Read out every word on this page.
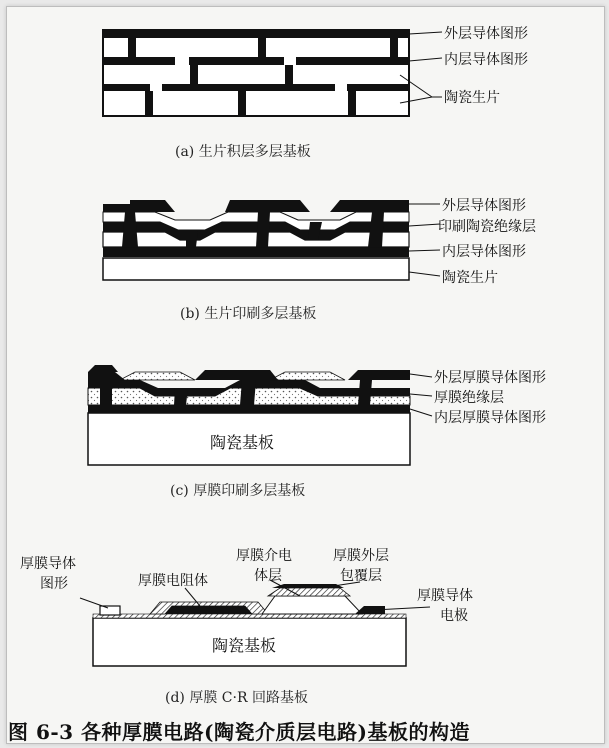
外层导体图形
内层导体图形
陶瓷生片
(a) 生片积层多层基板
外层导体图形
印刷陶瓷绝缘层
内层导体图形
陶瓷生片
(b) 生片印刷多层基板
陶瓷基板
外层厚膜导体图形
厚膜绝缘层
内层厚膜导体图形
(c) 厚膜印刷多层基板
陶瓷基板
厚膜导体
图形	厚膜电阻体
厚膜介电
体层
厚膜外层
包覆层
厚膜导体
电极
(d) 厚膜 C·R 回路基板
图 6-3 各种厚膜电路(陶瓷介质层电路)基板的构造
